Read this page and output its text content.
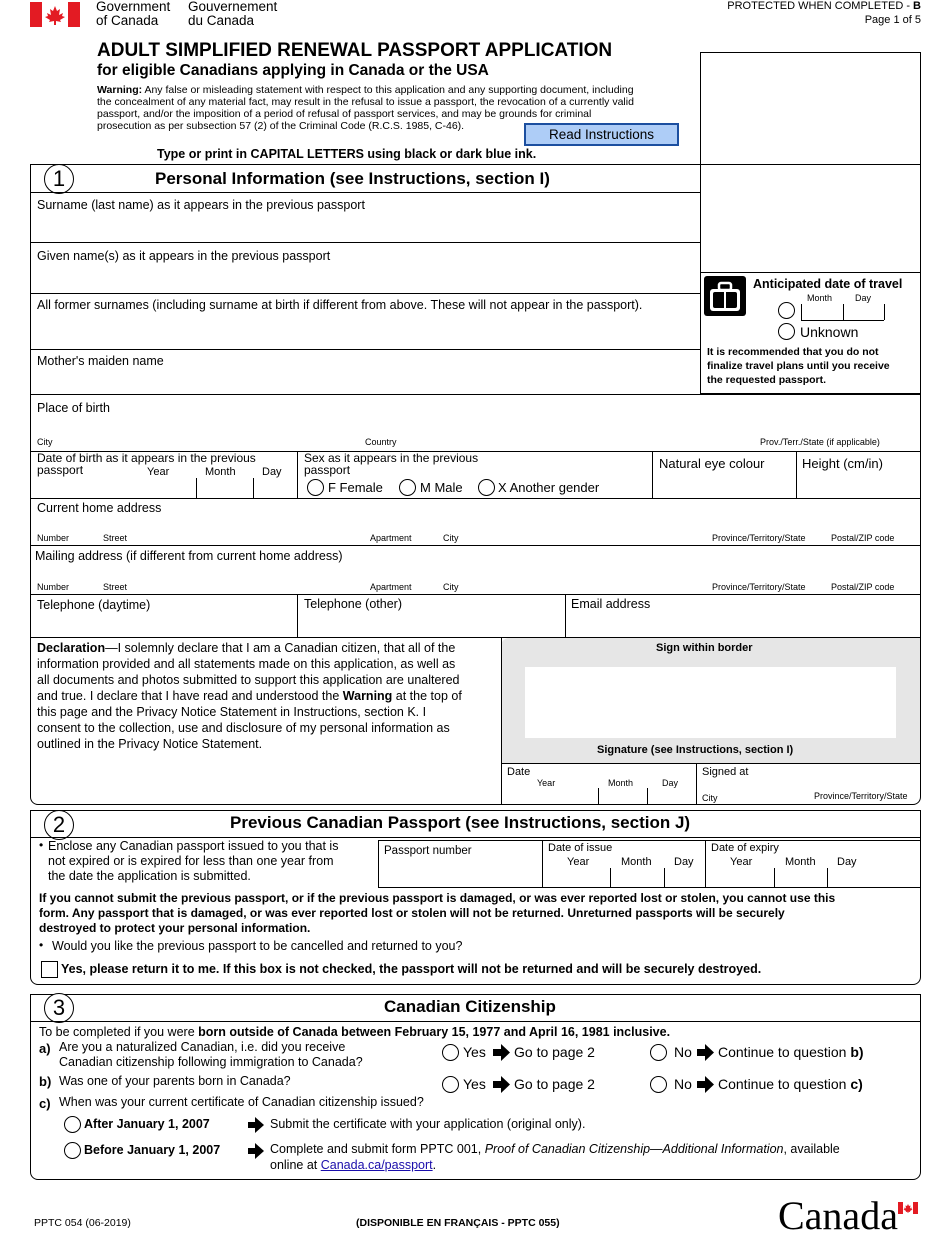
Government
of Canada
Gouvernement
du Canada
PROTECTED WHEN COMPLETED - B
Page 1 of 5
ADULT SIMPLIFIED RENEWAL PASSPORT APPLICATION
for eligible Canadians applying in Canada or the USA
Warning: Any false or misleading statement with respect to this application and any supporting document, including
the concealment of any material fact, may result in the refusal to issue a passport, the revocation of a currently valid
passport, and/or the imposition of a period of refusal of passport services, and may be grounds for criminal
prosecution as per subsection 57 (2) of the Criminal Code (R.C.S. 1985, C-46).
Read Instructions
Type or print in CAPITAL LETTERS using black or dark blue ink.
Anticipated date of travel
Month	Day
Unknown
It is recommended that you do not
finalize travel plans until you receive
the requested passport.
1	Personal Information (see Instructions, section I)
Surname (last name) as it appears in the previous passport
Given name(s) as it appears in the previous passport
All former surnames (including surname at birth if different from above. These will not appear in the passport).
Mother's maiden name
Place of birth
City	Country	Prov./Terr./State (if applicable)
Date of birth as it appears in the previous
passport	Year	Month Day
Sex as it appears in the previous
passport
F Female	M Male	X Another gender
Natural eye colour	Height (cm/in)
Current home address
Number	Street	Apartment	City	Province/Territory/State	Postal/ZIP code
Mailing address (if different from current home address)
Number	Street	Apartment	City	Province/Territory/State	Postal/ZIP code
Telephone (daytime)	Telephone (other)	Email address
Declaration—I solemnly declare that I am a Canadian citizen, that all of the
information provided and all statements made on this application, as well as
all documents and photos submitted to support this application are unaltered
and true. I declare that I have read and understood the Warning at the top of
this page and the Privacy Notice Statement in Instructions, section K. I
consent to the collection, use and disclosure of my personal information as
outlined in the Privacy Notice Statement.
Sign within border
Signature (see Instructions, section I)
Date
Year	Month	Day
Signed at
City	Province/Territory/State
2	Previous Canadian Passport (see Instructions, section J)
• Enclose any Canadian passport issued to you that is
not expired or is expired for less than one year from
the date the application is submitted.
Passport number	Date of issue
Year	Month Day
Date of expiry
Year	Month Day
If you cannot submit the previous passport, or if the previous passport is damaged, or was ever reported lost or stolen, you cannot use this
form. Any passport that is damaged, or was ever reported lost or stolen will not be returned. Unreturned passports will be securely
destroyed to protect your personal information.
• Would you like the previous passport to be cancelled and returned to you?
Yes, please return it to me. If this box is not checked, the passport will not be returned and will be securely destroyed.
3	Canadian Citizenship
To be completed if you were born outside of Canada between February 15, 1977 and April 16, 1981 inclusive.
a) Are you a naturalized Canadian, i.e. did you receive
Canadian citizenship following immigration to Canada?
Yes Go to page 2	No Continue to question b)
b) Was one of your parents born in Canada?	Yes Go to page 2	No Continue to question c)
c) When was your current certificate of Canadian citizenship issued?
After January 1, 2007	Submit the certificate with your application (original only).
Before January 1, 2007	Complete and submit form PPTC 001, Proof of Canadian Citizenship—Additional Information, available
online at Canada.ca/passport.
PPTC 054 (06-2019)	(DISPONIBLE EN FRANÇAIS - PPTC 055)	Canada
